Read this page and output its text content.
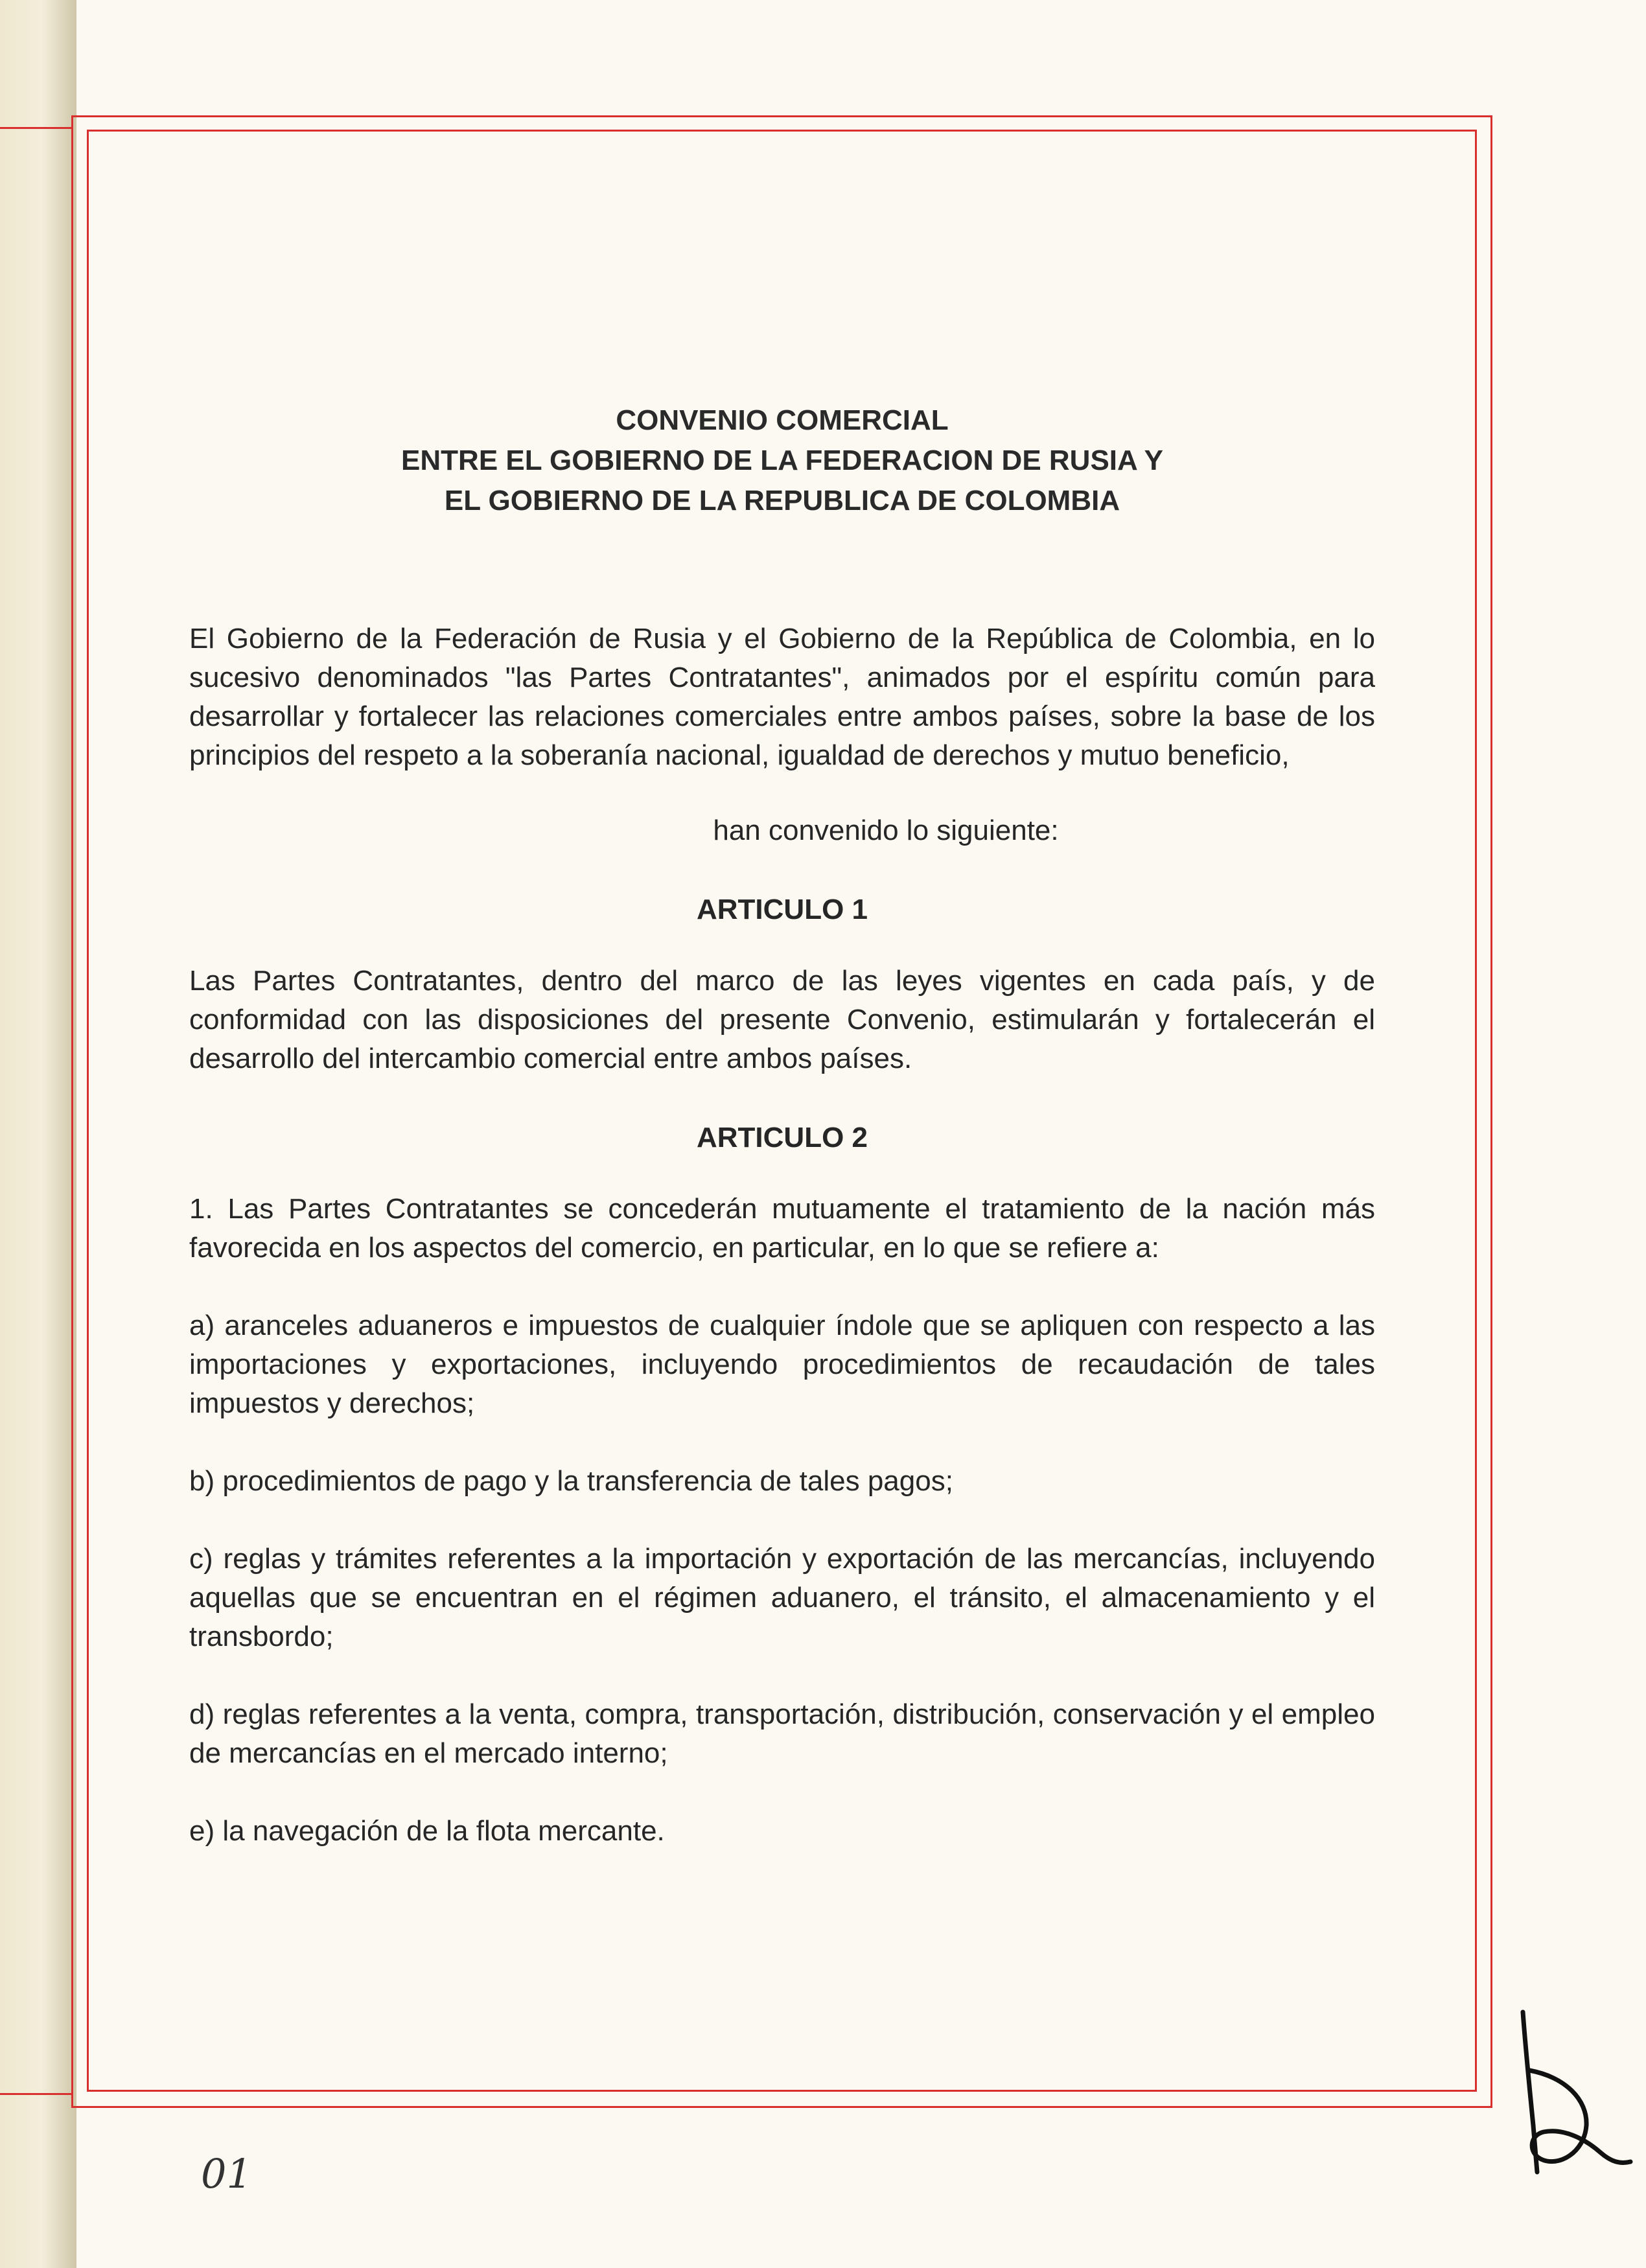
CONVENIO COMERCIAL
ENTRE EL GOBIERNO DE LA FEDERACION DE RUSIA Y
EL GOBIERNO DE LA REPUBLICA DE COLOMBIA

El Gobierno de la Federación de Rusia y el Gobierno de la República de Colombia, en lo sucesivo denominados "las Partes Contratantes", animados por el espíritu común para desarrollar y fortalecer las relaciones comerciales entre ambos países, sobre la base de los principios del respeto a la soberanía nacional, igualdad de derechos y mutuo beneficio,

han convenido lo siguiente:
ARTICULO 1

Las Partes Contratantes, dentro del marco de las leyes vigentes en cada país, y de conformidad con las disposiciones del presente Convenio, estimularán y fortalecerán el desarrollo del intercambio comercial entre ambos países.

ARTICULO 2

1. Las Partes Contratantes se concederán mutuamente el tratamiento de la nación más favorecida en los aspectos del comercio, en particular, en lo que se refiere a:

a) aranceles aduaneros e impuestos de cualquier índole que se apliquen con respecto a las importaciones y exportaciones, incluyendo procedimientos de recaudación de tales impuestos y derechos;

b) procedimientos de pago y la transferencia de tales pagos;

c) reglas y trámites referentes a la importación y exportación de las mercancías, incluyendo aquellas que se encuentran en el régimen aduanero, el tránsito, el almacenamiento y el transbordo;

d) reglas referentes a la venta, compra, transportación, distribución, conservación y el empleo de mercancías en el mercado interno;

e) la navegación de la flota mercante.

01
